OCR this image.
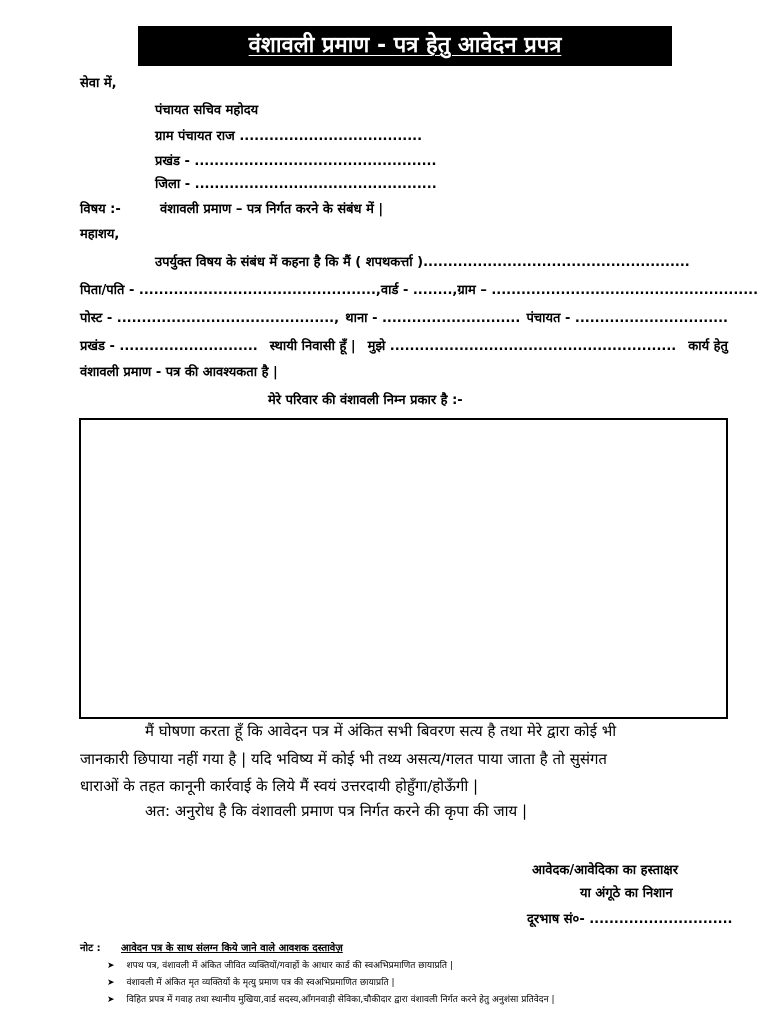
वंशावली प्रमाण - पत्र हेतु आवेदन प्रपत्र
सेवा में,
पंचायत सचिव महोदय
ग्राम पंचायत राज .....................................
प्रखंड - .................................................
जिला - .................................................
विषय :-	वंशावली प्रमाण – पत्र निर्गत करने के संबंध में |
महाशय,
उपर्युक्त विषय के संबंध में कहना है कि मैं ( शपथकर्त्ता )......................................................
पिता/पति - ................................................, वार्ड - ........, ग्राम – ......................................................
पोस्ट - ............................................, थाना - ............................ पंचायत - ...............................
प्रखंड - ............................ स्थायी निवासी हूँ | मुझे .......................................................... कार्य हेतु
वंशावली प्रमाण - पत्र की आवश्यकता है |
मेरे परिवार की वंशावली निम्न प्रकार है :-
मैं घोषणा करता हूँ कि आवेदन पत्र में अंकित सभी बिवरण सत्य है तथा मेरे द्वारा कोई भी
जानकारी छिपाया नहीं गया है | यदि भविष्य में कोई भी तथ्य असत्य/गलत पाया जाता है तो सुसंगत
धाराओं के तहत कानूनी कार्रवाई के लिये मैं स्वयं उत्तरदायी होहुँगा/होऊँगी |
अत: अनुरोध है कि वंशावली प्रमाण पत्र निर्गत करने की कृपा की जाय |
आवेदक/आवेदिका का हस्ताक्षर
या अंगूठे का निशान
दूरभाष सं०- .............................
नोट : आवेदन पत्र के साथ संलग्न किये जाने वाले आवशक दस्तावेज़
➤ शपथ पत्र, वंशावली में अंकित जीवित व्यक्तियों/गवाहों के आधार कार्ड की स्वअभिप्रमाणित छायाप्रति |
➤ वंशावली में अंकित मृत व्यक्तियों के मृत्यु प्रमाण पत्र की स्वअभिप्रमाणित छायाप्रति |
➤ विहित प्रपत्र में गवाह तथा स्थानीय मुखिया,वार्ड सदस्य,आँगनवाड़ी सेविका,चौकीदार द्वारा वंशावली निर्गत करने हेतु अनुशंसा प्रतिवेदन |
